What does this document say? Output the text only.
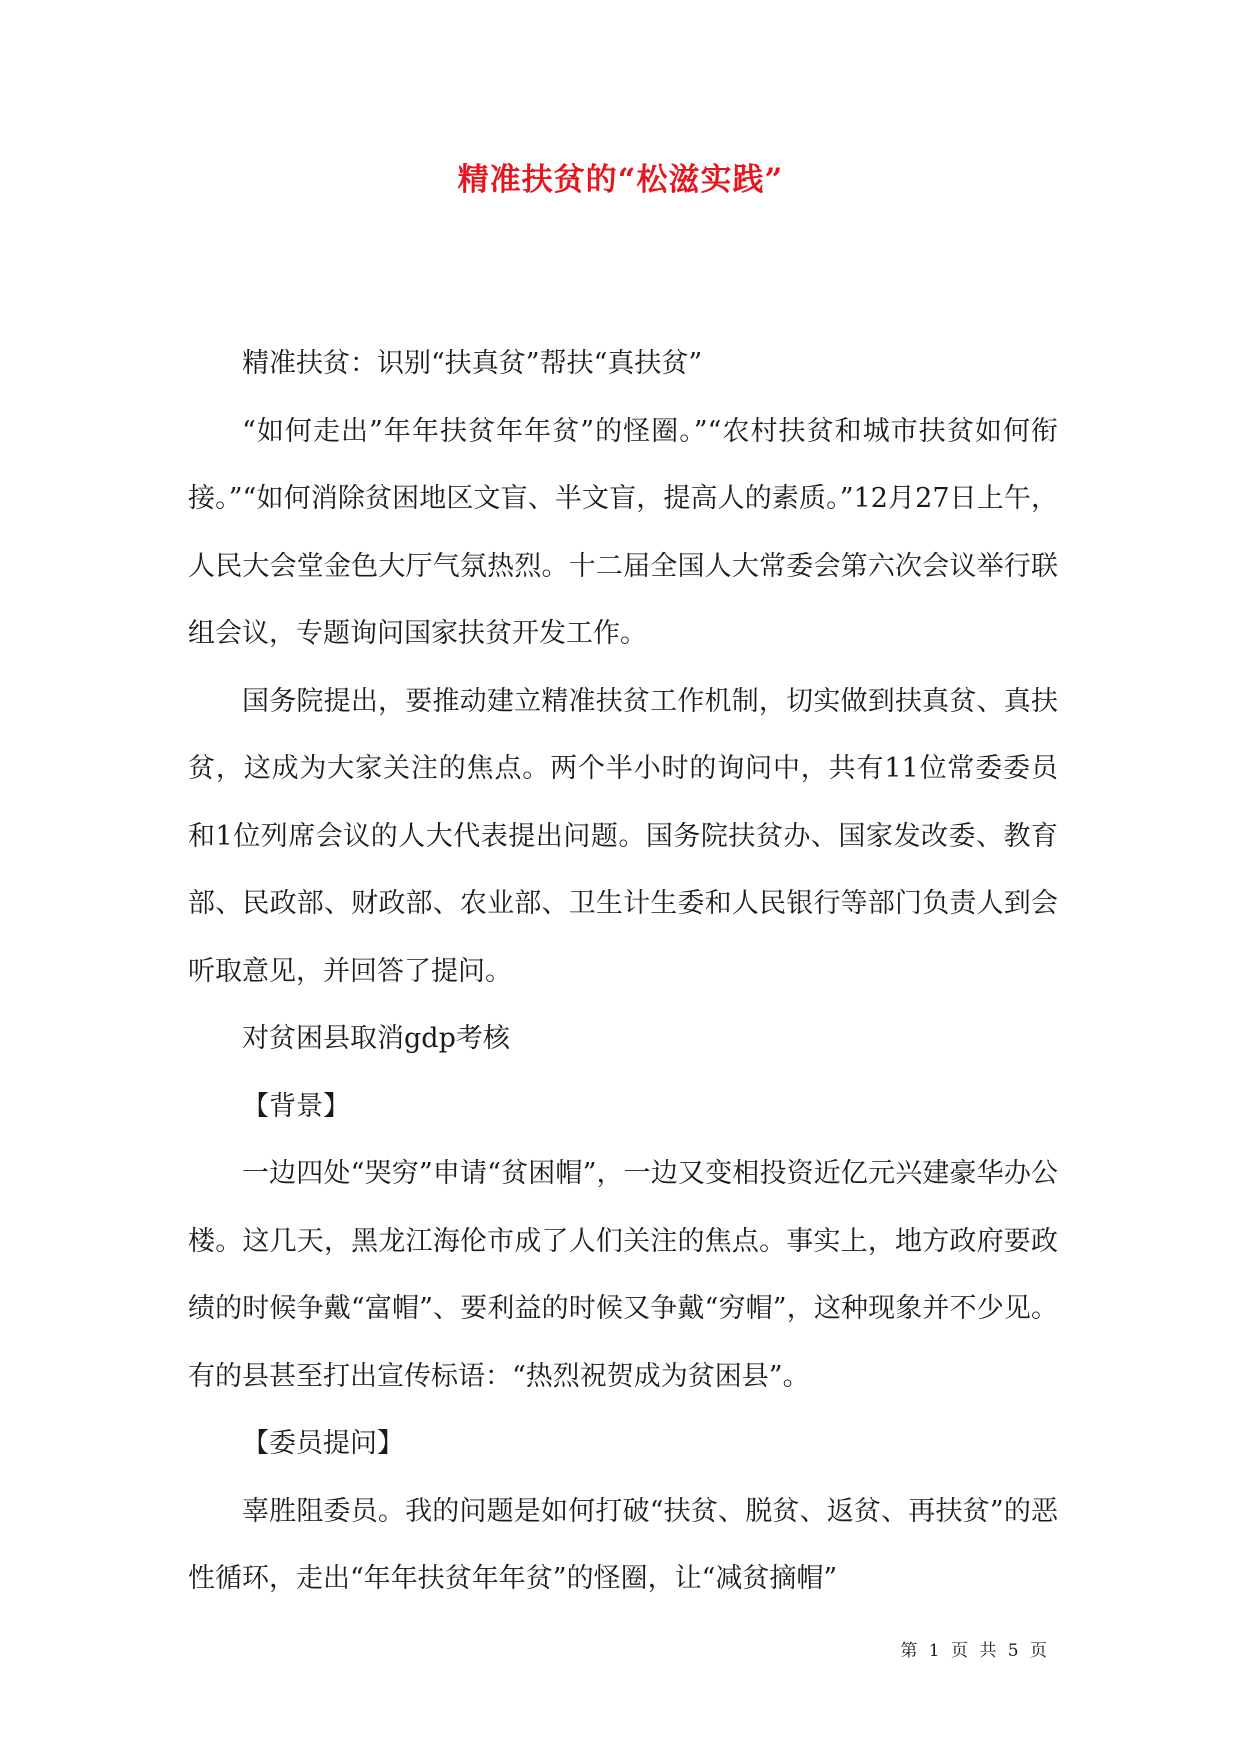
精准扶贫的“松滋实践”

精准扶贫：识别“扶真贫”帮扶“真扶贫”

“如何走出”年年扶贫年年贫”的怪圈。”“农村扶贫和城市扶贫如何衔接。”“如何消除贫困地区文盲、半文盲，提高人的素质。”12月27日上午，人民大会堂金色大厅气氛热烈。十二届全国人大常委会第六次会议举行联组会议，专题询问国家扶贫开发工作。

国务院提出，要推动建立精准扶贫工作机制，切实做到扶真贫、真扶贫，这成为大家关注的焦点。两个半小时的询问中，共有11位常委委员和1位列席会议的人大代表提出问题。国务院扶贫办、国家发改委、教育部、民政部、财政部、农业部、卫生计生委和人民银行等部门负责人到会听取意见，并回答了提问。

对贫困县取消gdp考核

【背景】

一边四处“哭穷”申请“贫困帽”，一边又变相投资近亿元兴建豪华办公楼。这几天，黑龙江海伦市成了人们关注的焦点。事实上，地方政府要政绩的时候争戴“富帽”、要利益的时候又争戴“穷帽”，这种现象并不少见。有的县甚至打出宣传标语：“热烈祝贺成为贫困县”。

【委员提问】

辜胜阻委员。我的问题是如何打破“扶贫、脱贫、返贫、再扶贫”的恶性循环，走出“年年扶贫年年贫”的怪圈，让“减贫摘帽”

第 1 页 共 5 页
